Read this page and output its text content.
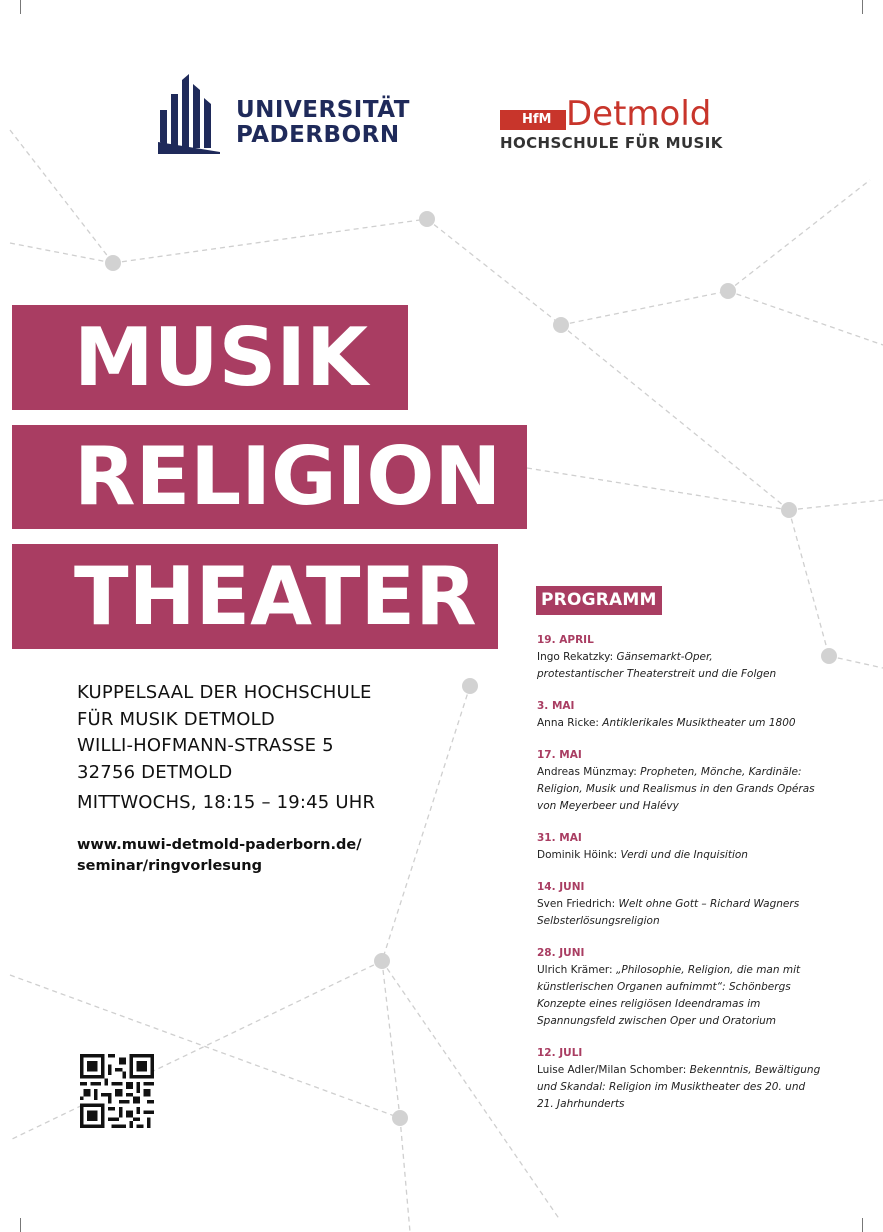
UNIVERSITÄT
PADERBORN
HfM Detmold
HOCHSCHULE FÜR MUSIK
MUSIK
RELIGION
THEATER
KUPPELSAAL DER HOCHSCHULE
FÜR MUSIK DETMOLD
WILLI-HOFMANN-STRASSE 5
32756 DETMOLD
MITTWOCHS, 18:15 – 19:45 UHR
www.muwi-detmold-paderborn.de/
seminar/ringvorlesung
PROGRAMM
19. APRIL
Ingo Rekatzky: Gänsemarkt-Oper,
protestantischer Theaterstreit und die Folgen
3. MAI
Anna Ricke: Antiklerikales Musiktheater um 1800
17. MAI
Andreas Münzmay: Propheten, Mönche, Kardinäle:
Religion, Musik und Realismus in den Grands Opéras
von Meyerbeer und Halévy
31. MAI
Dominik Höink: Verdi und die Inquisition
14. JUNI
Sven Friedrich: Welt ohne Gott – Richard Wagners
Selbsterlösungsreligion
28. JUNI
Ulrich Krämer: „Philosophie, Religion, die man mit
künstlerischen Organen aufnimmt“: Schönbergs
Konzepte eines religiösen Ideendramas im
Spannungsfeld zwischen Oper und Oratorium
12. JULI
Luise Adler/Milan Schomber: Bekenntnis, Bewältigung
und Skandal: Religion im Musiktheater des 20. und
21. Jahrhunderts
